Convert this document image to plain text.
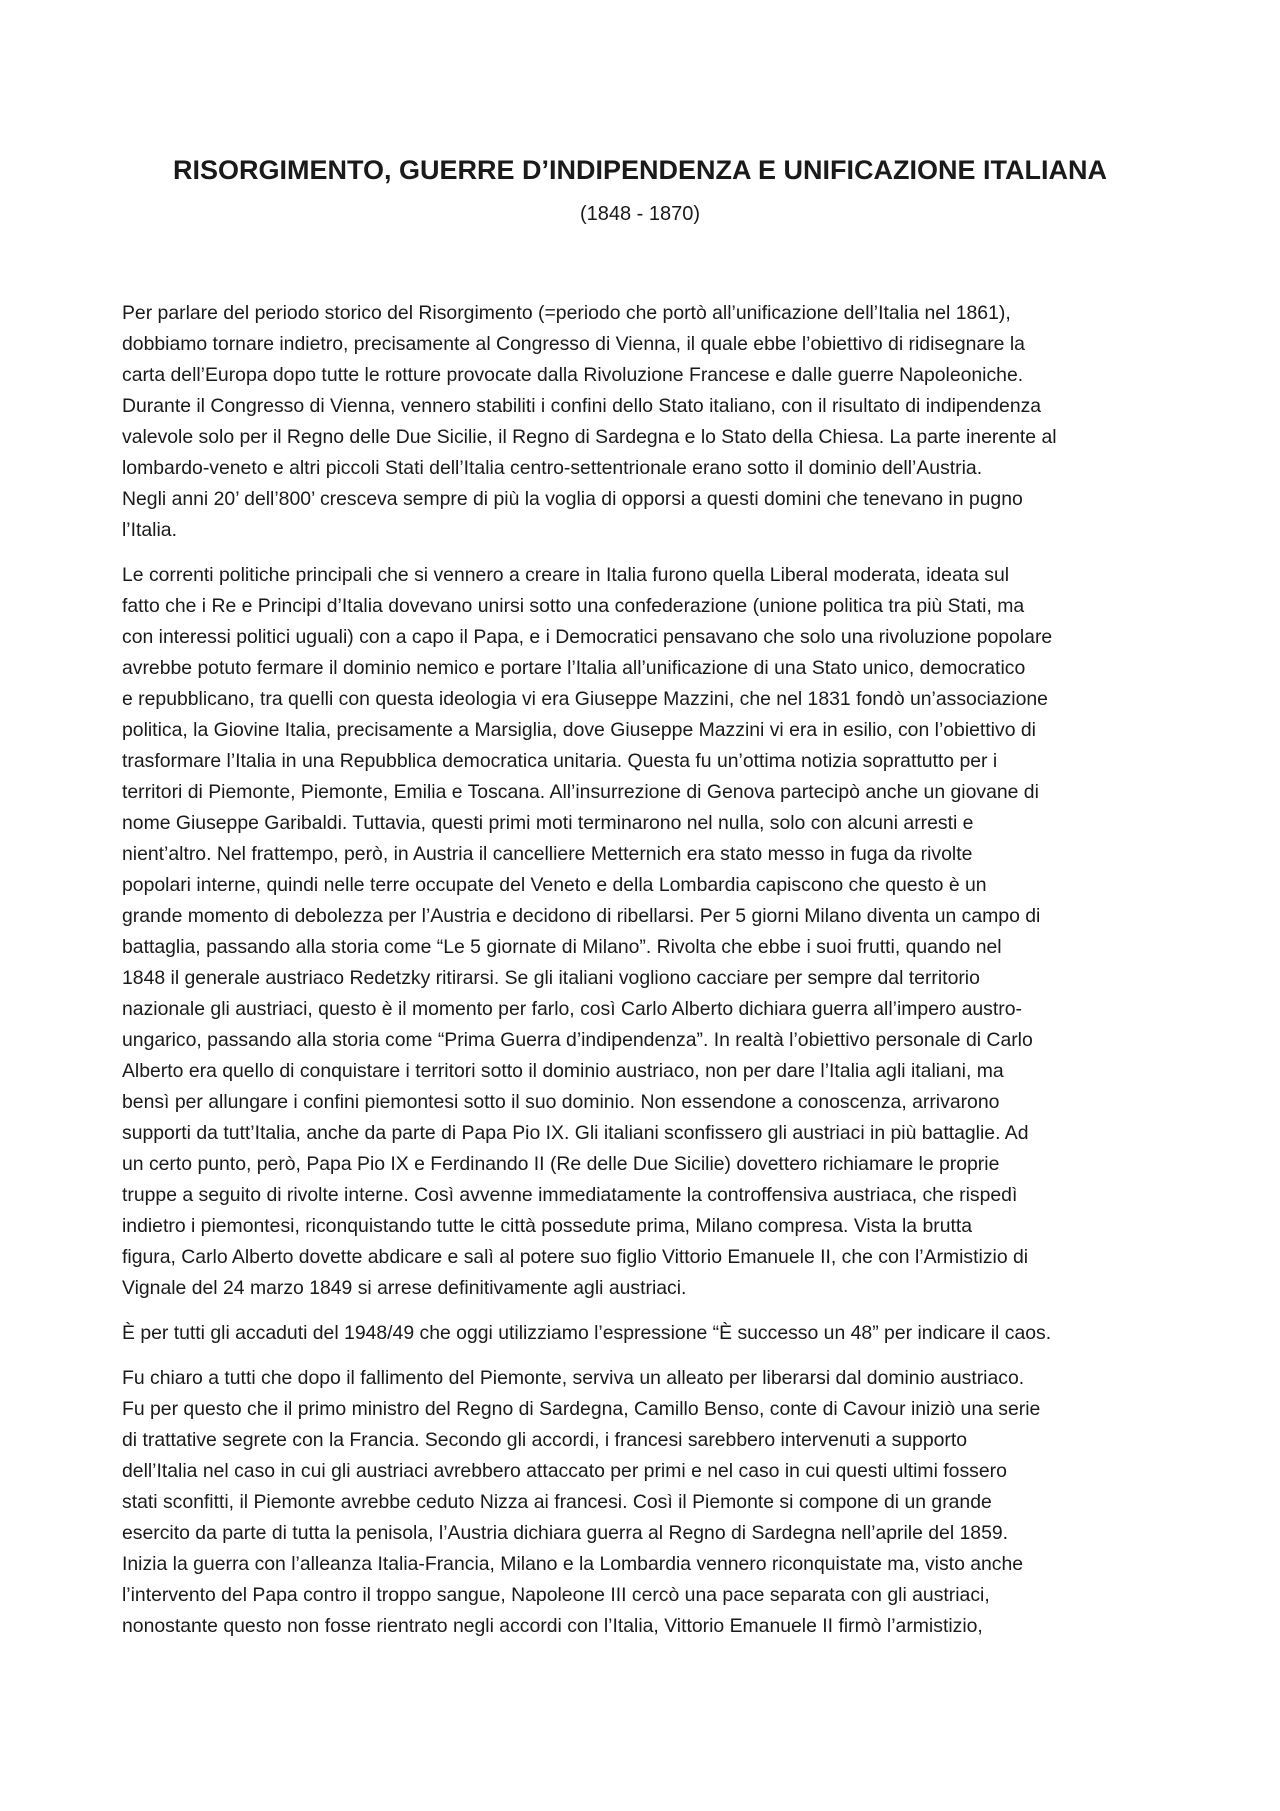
RISORGIMENTO, GUERRE D’INDIPENDENZA E UNIFICAZIONE ITALIANA
(1848 - 1870)
Per parlare del periodo storico del Risorgimento (=periodo che portò all’unificazione dell’Italia nel 1861),
dobbiamo tornare indietro, precisamente al Congresso di Vienna, il quale ebbe l’obiettivo di ridisegnare la
carta dell’Europa dopo tutte le rotture provocate dalla Rivoluzione Francese e dalle guerre Napoleoniche.
Durante il Congresso di Vienna, vennero stabiliti i confini dello Stato italiano, con il risultato di indipendenza
valevole solo per il Regno delle Due Sicilie, il Regno di Sardegna e lo Stato della Chiesa. La parte inerente al
lombardo-veneto e altri piccoli Stati dell’Italia centro-settentrionale erano sotto il dominio dell’Austria.
Negli anni 20’ dell’800’ cresceva sempre di più la voglia di opporsi a questi domini che tenevano in pugno
l’Italia.
Le correnti politiche principali che si vennero a creare in Italia furono quella Liberal moderata, ideata sul
fatto che i Re e Principi d’Italia dovevano unirsi sotto una confederazione (unione politica tra più Stati, ma
con interessi politici uguali) con a capo il Papa, e i Democratici pensavano che solo una rivoluzione popolare
avrebbe potuto fermare il dominio nemico e portare l’Italia all’unificazione di una Stato unico, democratico
e repubblicano, tra quelli con questa ideologia vi era Giuseppe Mazzini, che nel 1831 fondò un’associazione
politica, la Giovine Italia, precisamente a Marsiglia, dove Giuseppe Mazzini vi era in esilio, con l’obiettivo di
trasformare l’Italia in una Repubblica democratica unitaria. Questa fu un’ottima notizia soprattutto per i
territori di Piemonte, Piemonte, Emilia e Toscana. All’insurrezione di Genova partecipò anche un giovane di
nome Giuseppe Garibaldi. Tuttavia, questi primi moti terminarono nel nulla, solo con alcuni arresti e
nient’altro. Nel frattempo, però, in Austria il cancelliere Metternich era stato messo in fuga da rivolte
popolari interne, quindi nelle terre occupate del Veneto e della Lombardia capiscono che questo è un
grande momento di debolezza per l’Austria e decidono di ribellarsi. Per 5 giorni Milano diventa un campo di
battaglia, passando alla storia come “Le 5 giornate di Milano”. Rivolta che ebbe i suoi frutti, quando nel
1848 il generale austriaco Redetzky ritirarsi. Se gli italiani vogliono cacciare per sempre dal territorio
nazionale gli austriaci, questo è il momento per farlo, così Carlo Alberto dichiara guerra all’impero austro-
ungarico, passando alla storia come “Prima Guerra d’indipendenza”. In realtà l’obiettivo personale di Carlo
Alberto era quello di conquistare i territori sotto il dominio austriaco, non per dare l’Italia agli italiani, ma
bensì per allungare i confini piemontesi sotto il suo dominio. Non essendone a conoscenza, arrivarono
supporti da tutt’Italia, anche da parte di Papa Pio IX. Gli italiani sconfissero gli austriaci in più battaglie. Ad
un certo punto, però, Papa Pio IX e Ferdinando II (Re delle Due Sicilie) dovettero richiamare le proprie
truppe a seguito di rivolte interne. Così avvenne immediatamente la controffensiva austriaca, che rispedì
indietro i piemontesi, riconquistando tutte le città possedute prima, Milano compresa. Vista la brutta
figura, Carlo Alberto dovette abdicare e salì al potere suo figlio Vittorio Emanuele II, che con l’Armistizio di
Vignale del 24 marzo 1849 si arrese definitivamente agli austriaci.
È per tutti gli accaduti del 1948/49 che oggi utilizziamo l’espressione “È successo un 48” per indicare il caos.
Fu chiaro a tutti che dopo il fallimento del Piemonte, serviva un alleato per liberarsi dal dominio austriaco.
Fu per questo che il primo ministro del Regno di Sardegna, Camillo Benso, conte di Cavour iniziò una serie
di trattative segrete con la Francia. Secondo gli accordi, i francesi sarebbero intervenuti a supporto
dell’Italia nel caso in cui gli austriaci avrebbero attaccato per primi e nel caso in cui questi ultimi fossero
stati sconfitti, il Piemonte avrebbe ceduto Nizza ai francesi. Così il Piemonte si compone di un grande
esercito da parte di tutta la penisola, l’Austria dichiara guerra al Regno di Sardegna nell’aprile del 1859.
Inizia la guerra con l’alleanza Italia-Francia, Milano e la Lombardia vennero riconquistate ma, visto anche
l’intervento del Papa contro il troppo sangue, Napoleone III cercò una pace separata con gli austriaci,
nonostante questo non fosse rientrato negli accordi con l’Italia, Vittorio Emanuele II firmò l’armistizio,
